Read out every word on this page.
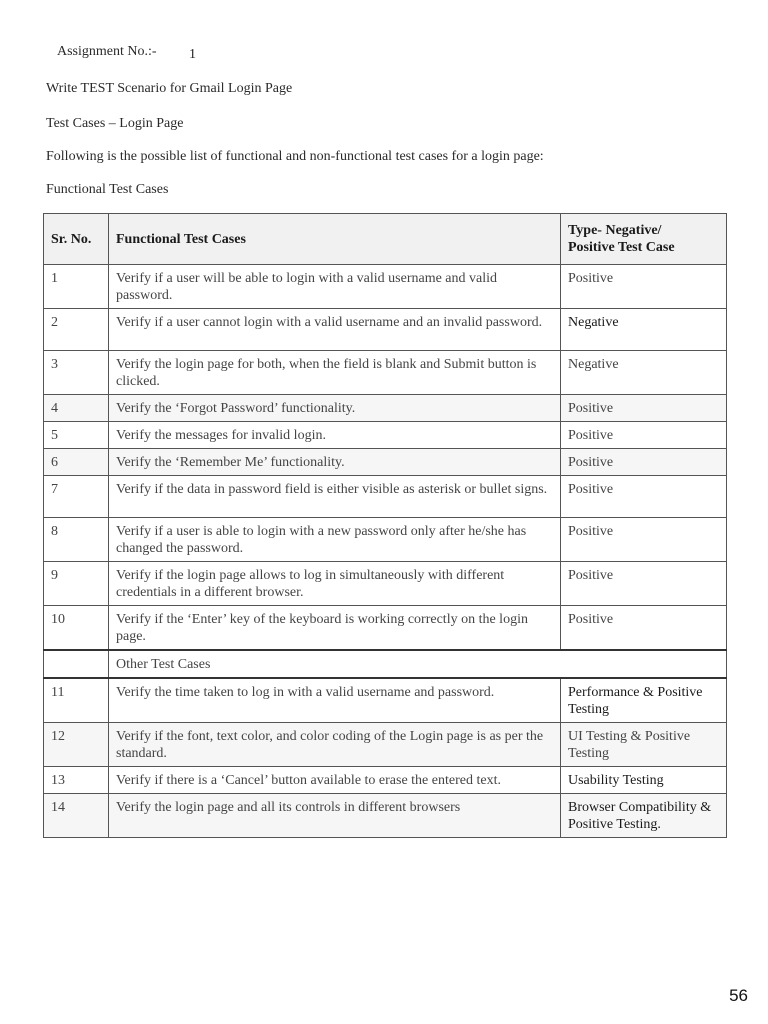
Assignment No.:- 1
Write TEST Scenario for Gmail Login Page
Test Cases – Login Page
Following is the possible list of functional and non-functional test cases for a login page:
Functional Test Cases
Sr. No.	Functional Test Cases	Type- Negative/
Positive Test Case
1	Verify if a user will be able to login with a valid username and valid password.	Positive
2	Verify if a user cannot login with a valid username and an invalid password.	Negative
3	Verify the login page for both, when the field is blank and Submit button is clicked.	Negative
4	Verify the ‘Forgot Password’ functionality.	Positive
5	Verify the messages for invalid login.	Positive
6	Verify the ‘Remember Me’ functionality.	Positive
7	Verify if the data in password field is either visible as asterisk or bullet signs.	Positive
8	Verify if a user is able to login with a new password only after he/she has changed the password.	Positive
9	Verify if the login page allows to log in simultaneously with different credentials in a different browser.	Positive
10	Verify if the ‘Enter’ key of the keyboard is working correctly on the login page.	Positive
	Other Test Cases	
11	Verify the time taken to log in with a valid username and password.	Performance & Positive Testing
12	Verify if the font, text color, and color coding of the Login page is as per the standard.	UI Testing & Positive Testing
13	Verify if there is a ‘Cancel’ button available to erase the entered text.	Usability Testing
14	Verify the login page and all its controls in different browsers	Browser Compatibility & Positive Testing.
56
